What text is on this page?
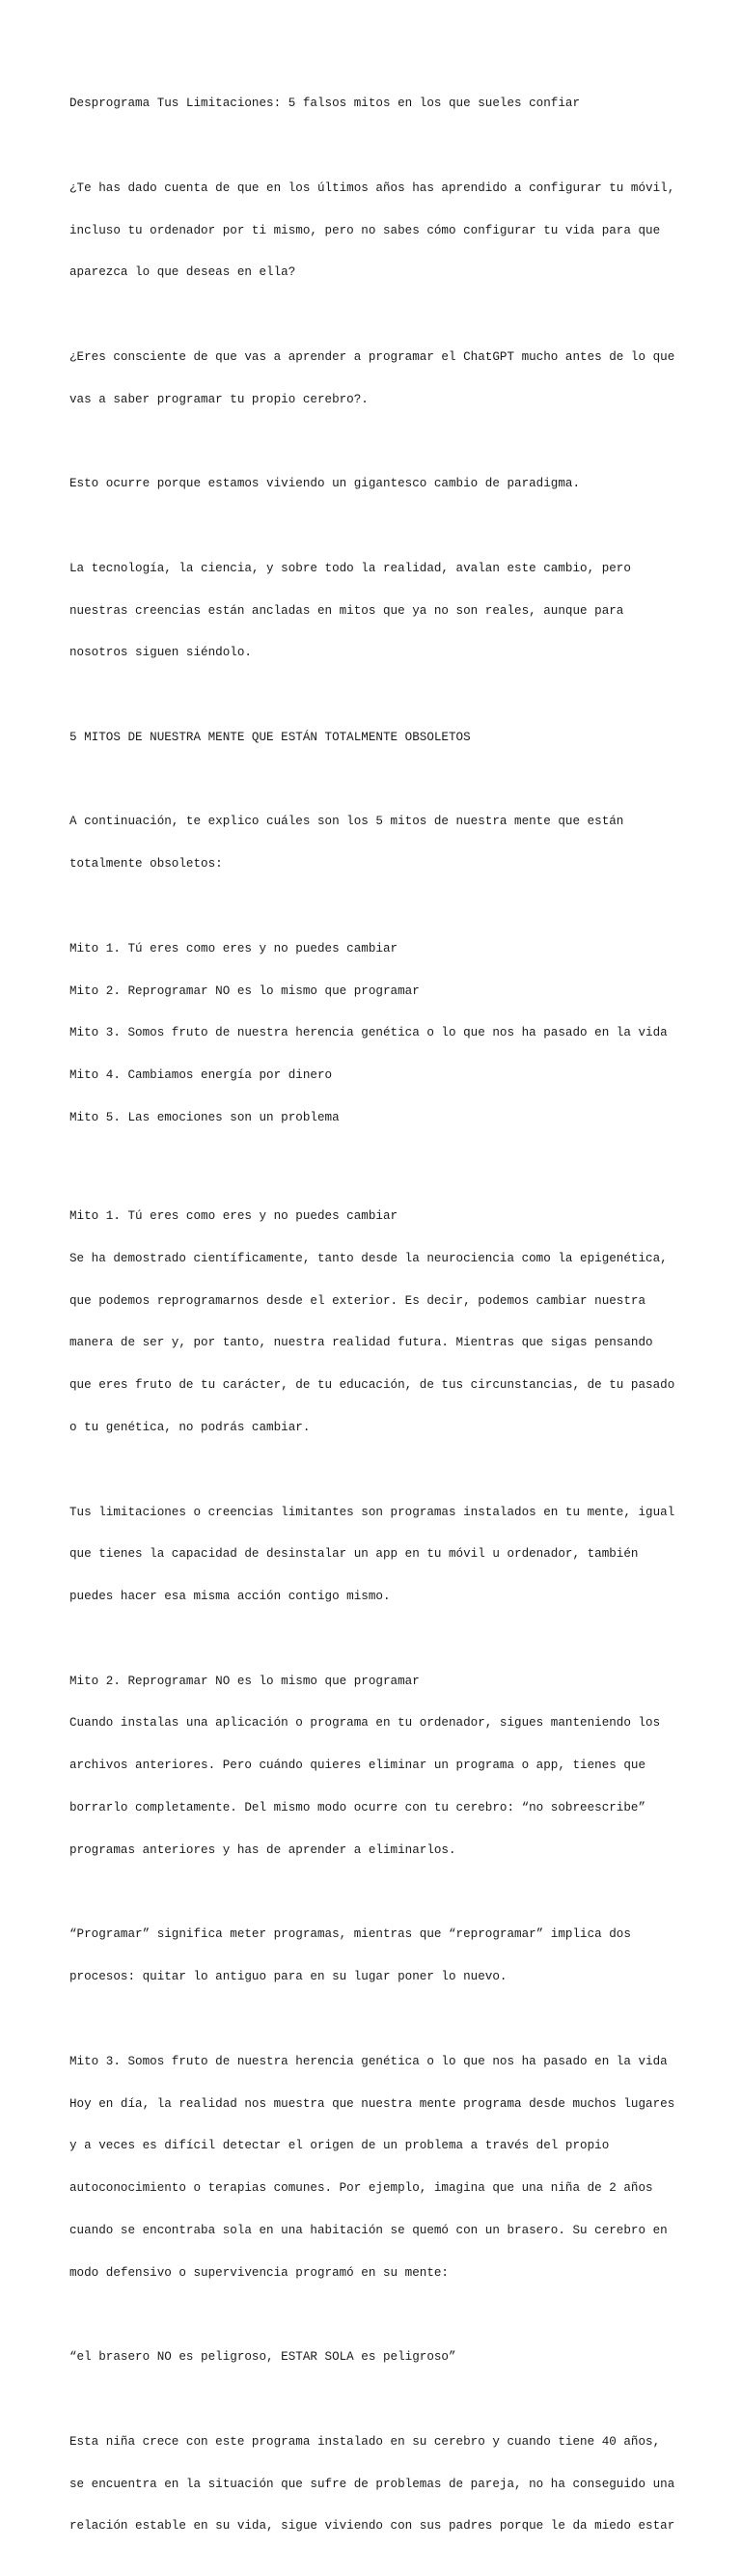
Desprograma Tus Limitaciones: 5 falsos mitos en los que sueles confiar

¿Te has dado cuenta de que en los últimos años has aprendido a configurar tu móvil,

incluso tu ordenador por ti mismo, pero no sabes cómo configurar tu vida para que

aparezca lo que deseas en ella?

¿Eres consciente de que vas a aprender a programar el ChatGPT mucho antes de lo que

vas a saber programar tu propio cerebro?.

Esto ocurre porque estamos viviendo un gigantesco cambio de paradigma.

La tecnología, la ciencia, y sobre todo la realidad, avalan este cambio, pero

nuestras creencias están ancladas en mitos que ya no son reales, aunque para

nosotros siguen siéndolo.

5 MITOS DE NUESTRA MENTE QUE ESTÁN TOTALMENTE OBSOLETOS

A continuación, te explico cuáles son los 5 mitos de nuestra mente que están

totalmente obsoletos:

Mito 1. Tú eres como eres y no puedes cambiar

Mito 2. Reprogramar NO es lo mismo que programar

Mito 3. Somos fruto de nuestra herencia genética o lo que nos ha pasado en la vida

Mito 4. Cambiamos energía por dinero

Mito 5. Las emociones son un problema

Mito 1. Tú eres como eres y no puedes cambiar

Se ha demostrado científicamente, tanto desde la neurociencia como la epigenética,

que podemos reprogramarnos desde el exterior. Es decir, podemos cambiar nuestra

manera de ser y, por tanto, nuestra realidad futura. Mientras que sigas pensando

que eres fruto de tu carácter, de tu educación, de tus circunstancias, de tu pasado

o tu genética, no podrás cambiar.

Tus limitaciones o creencias limitantes son programas instalados en tu mente, igual

que tienes la capacidad de desinstalar un app en tu móvil u ordenador, también

puedes hacer esa misma acción contigo mismo.

Mito 2. Reprogramar NO es lo mismo que programar

Cuando instalas una aplicación o programa en tu ordenador, sigues manteniendo los

archivos anteriores. Pero cuándo quieres eliminar un programa o app, tienes que

borrarlo completamente. Del mismo modo ocurre con tu cerebro: “no sobreescribe”

programas anteriores y has de aprender a eliminarlos.

“Programar” significa meter programas, mientras que “reprogramar” implica dos

procesos: quitar lo antiguo para en su lugar poner lo nuevo.

Mito 3. Somos fruto de nuestra herencia genética o lo que nos ha pasado en la vida

Hoy en día, la realidad nos muestra que nuestra mente programa desde muchos lugares

y a veces es difícil detectar el origen de un problema a través del propio

autoconocimiento o terapias comunes. Por ejemplo, imagina que una niña de 2 años

cuando se encontraba sola en una habitación se quemó con un brasero. Su cerebro en

modo defensivo o supervivencia programó en su mente:

“el brasero NO es peligroso, ESTAR SOLA es peligroso”

Esta niña crece con este programa instalado en su cerebro y cuando tiene 40 años,

se encuentra en la situación que sufre de problemas de pareja, no ha conseguido una

relación estable en su vida, sigue viviendo con sus padres porque le da miedo estar
